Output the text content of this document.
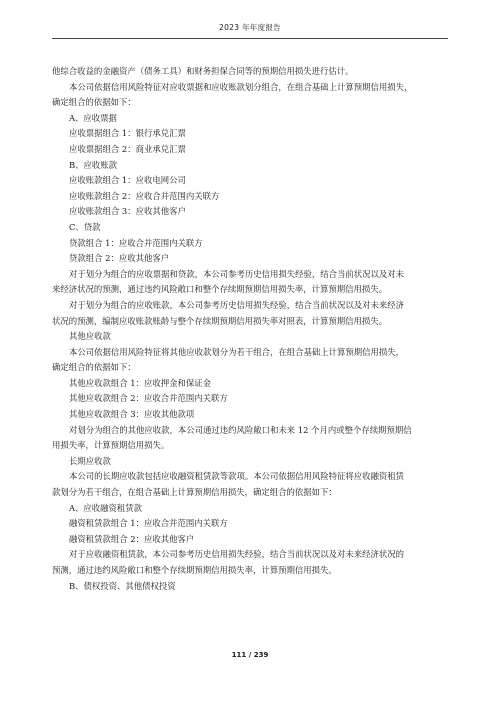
2023 年年度报告

他综合收益的金融资产（债务工具）和财务担保合同等的预期信用损失进行估计。

本公司依据信用风险特征对应收票据和应收账款划分组合，在组合基础上计算预期信用损失，

确定组合的依据如下：

A、应收票据

应收票据组合 1：银行承兑汇票

应收票据组合 2：商业承兑汇票

B、应收账款

应收账款组合 1：应收电网公司

应收账款组合 2：应收合并范围内关联方

应收账款组合 3：应收其他客户

C、贷款

贷款组合 1：应收合并范围内关联方

贷款组合 2：应收其他客户

对于划分为组合的应收票据和贷款，本公司参考历史信用损失经验，结合当前状况以及对未

来经济状况的预测，通过违约风险敞口和整个存续期预期信用损失率，计算预期信用损失。

对于划分为组合的应收账款，本公司参考历史信用损失经验，结合当前状况以及对未来经济

状况的预测，编制应收账款账龄与整个存续期预期信用损失率对照表，计算预期信用损失。

其他应收款

本公司依据信用风险特征将其他应收款划分为若干组合，在组合基础上计算预期信用损失，

确定组合的依据如下：

其他应收款组合 1：应收押金和保证金

其他应收款组合 2：应收合并范围内关联方

其他应收款组合 3：应收其他款项

对划分为组合的其他应收款，本公司通过违约风险敞口和未来 12 个月内或整个存续期预期信

用损失率，计算预期信用损失。

长期应收款

本公司的长期应收款包括应收融资租赁款等款项。本公司依据信用风险特征将应收融资租赁

款划分为若干组合，在组合基础上计算预期信用损失，确定组合的依据如下：

A、应收融资租赁款

融资租赁款组合 1：应收合并范围内关联方

融资租赁款组合 2：应收其他客户

对于应收融资租赁款，本公司参考历史信用损失经验，结合当前状况以及对未来经济状况的

预测，通过违约风险敞口和整个存续期预期信用损失率，计算预期信用损失。

B、债权投资、其他债权投资

111 / 239
